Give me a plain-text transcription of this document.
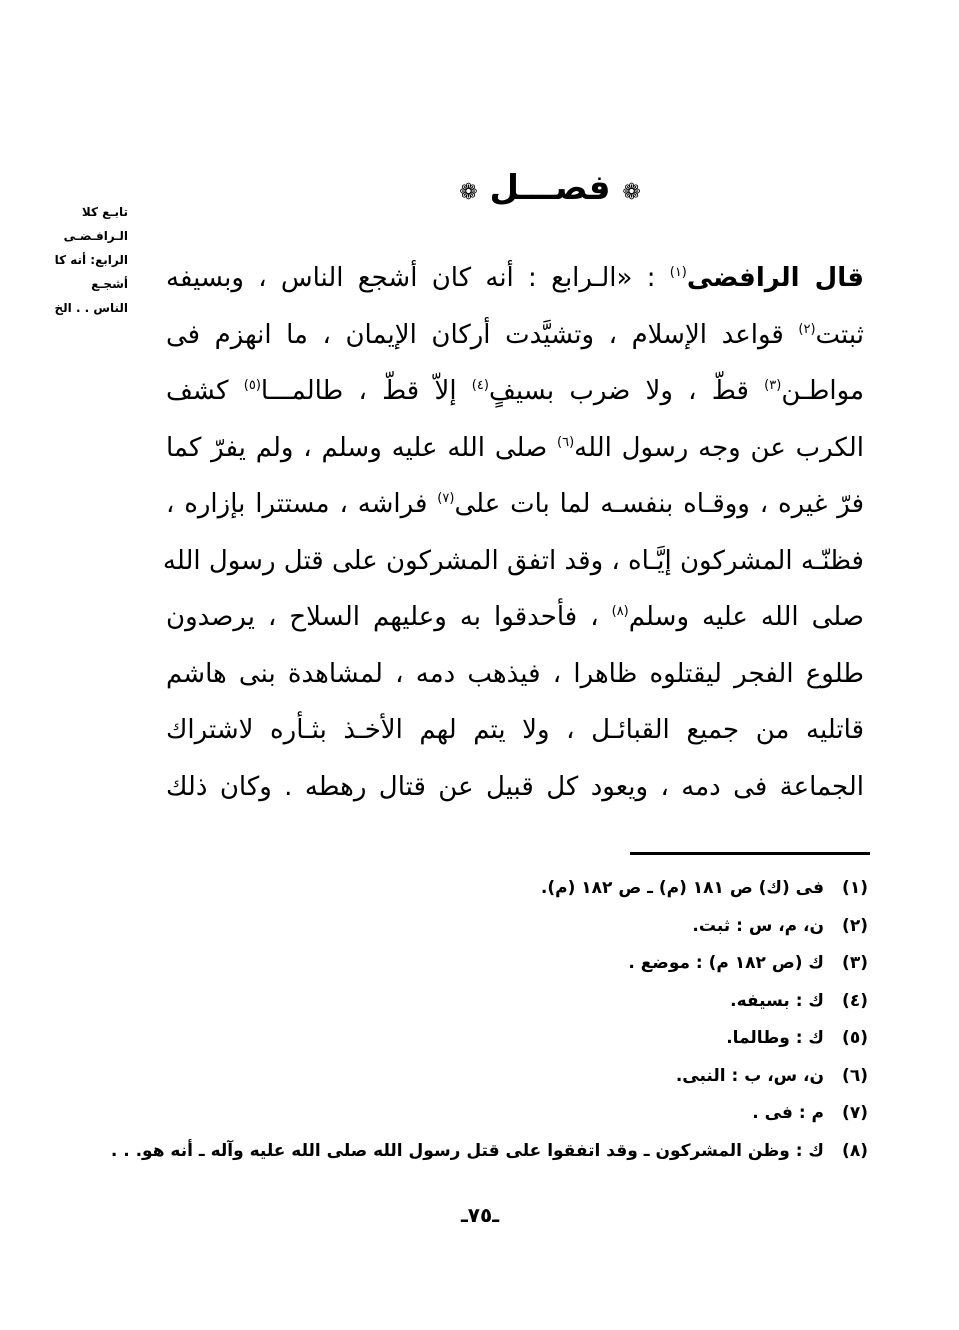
تابـع كلا
الـرافـضـى
الرابع: أنه كا
أشجـع
الناس . . الخ
❁ فصـــل ❁
قال الرافضى$^{(١)}$ : «الـرابع : أنه كان أشجع الناس ، وبسيفه
ثبتت$^{(٢)}$ قواعد الإسلام ، وتشيَّدت أركان الإيمان ، ما انهزم فى
مواطـن$^{(٣)}$ قطّ ، ولا ضرب بسيفٍ$^{(٤)}$ إلاّ قطّ ، طالمـــا$^{(٥)}$ كشف
الكرب عن وجه رسول الله$^{(٦)}$ صلى الله عليه وسلم ، ولم يفرّ كما
فرّ غيره ، ووقـاه بنفسـه لما بات على$^{(٧)}$ فراشه ، مستترا بإزاره ،
فظنّـه المشركون إيَّـاه ، وقد اتفق المشركون على قتل رسول الله
صلى الله عليه وسلم$^{(٨)}$ ، فأحدقوا به وعليهم السلاح ، يرصدون
طلوع الفجر ليقتلوه ظاهرا ، فيذهب دمه ، لمشاهدة بنى هاشم
قاتليه من جميع القبائـل ، ولا يتم لهم الأخـذ بثـأره لاشتراك
الجماعة فى دمه ، ويعود كل قبيل عن قتال رهطه . وكان ذلك
(١)فى (ك) ص ١٨١ (م) ـ ص ١٨٢ (م).
(٢)ن، م، س : ثبت.
(٣)ك (ص ١٨٢ م) : موضع .
(٤)ك : بسيفه.
(٥)ك : وطالما.
(٦)ن، س، ب : النبى.
(٧)م : فى .
(٨)ك : وظن المشركون ـ وقد اتفقوا على قتل رسول الله صلى الله عليه وآله ـ أنه هو. . .
ـ٧٥ـ
